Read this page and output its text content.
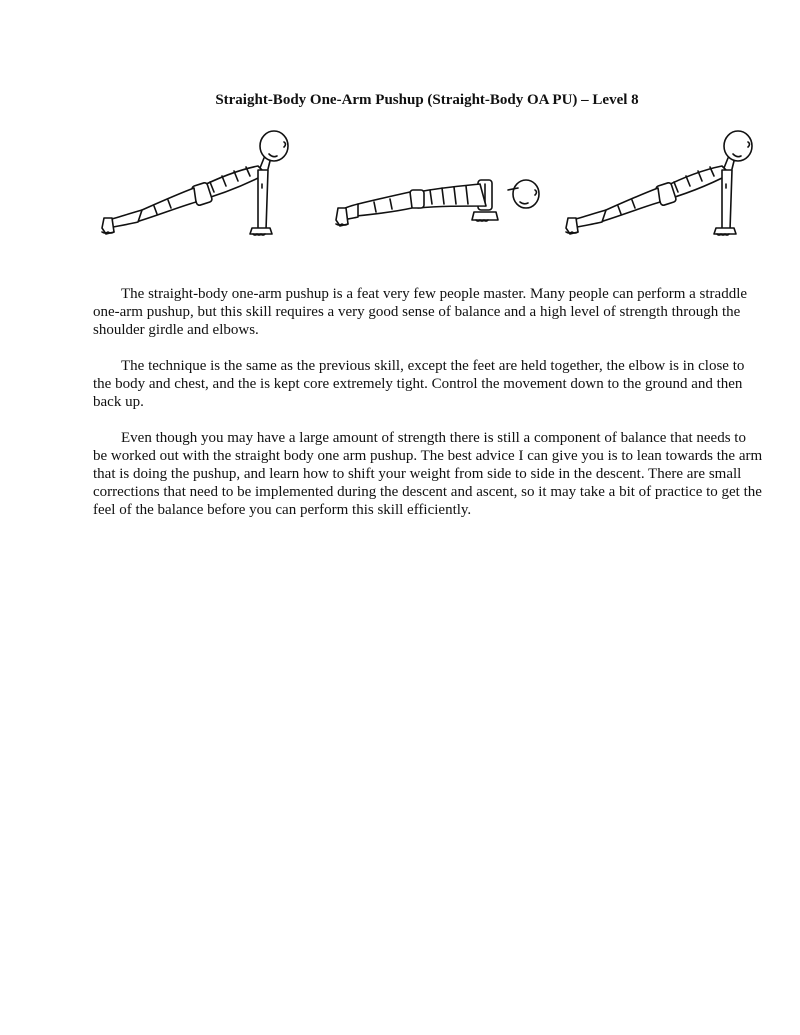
Straight-Body One-Arm Pushup (Straight-Body OA PU) – Level 8

The straight-body one-arm pushup is a feat very few people master. Many people can perform a straddle one-arm pushup, but this skill requires a very good sense of balance and a high level of strength through the shoulder girdle and elbows.

The technique is the same as the previous skill, except the feet are held together, the elbow is in close to the body and chest, and the is kept core extremely tight. Control the movement down to the ground and then back up.

Even though you may have a large amount of strength there is still a component of balance that needs to be worked out with the straight body one arm pushup. The best advice I can give you is to lean towards the arm that is doing the pushup, and learn how to shift your weight from side to side in the descent. There are small corrections that need to be implemented during the descent and ascent, so it may take a bit of practice to get the feel of the balance before you can perform this skill efficiently.
